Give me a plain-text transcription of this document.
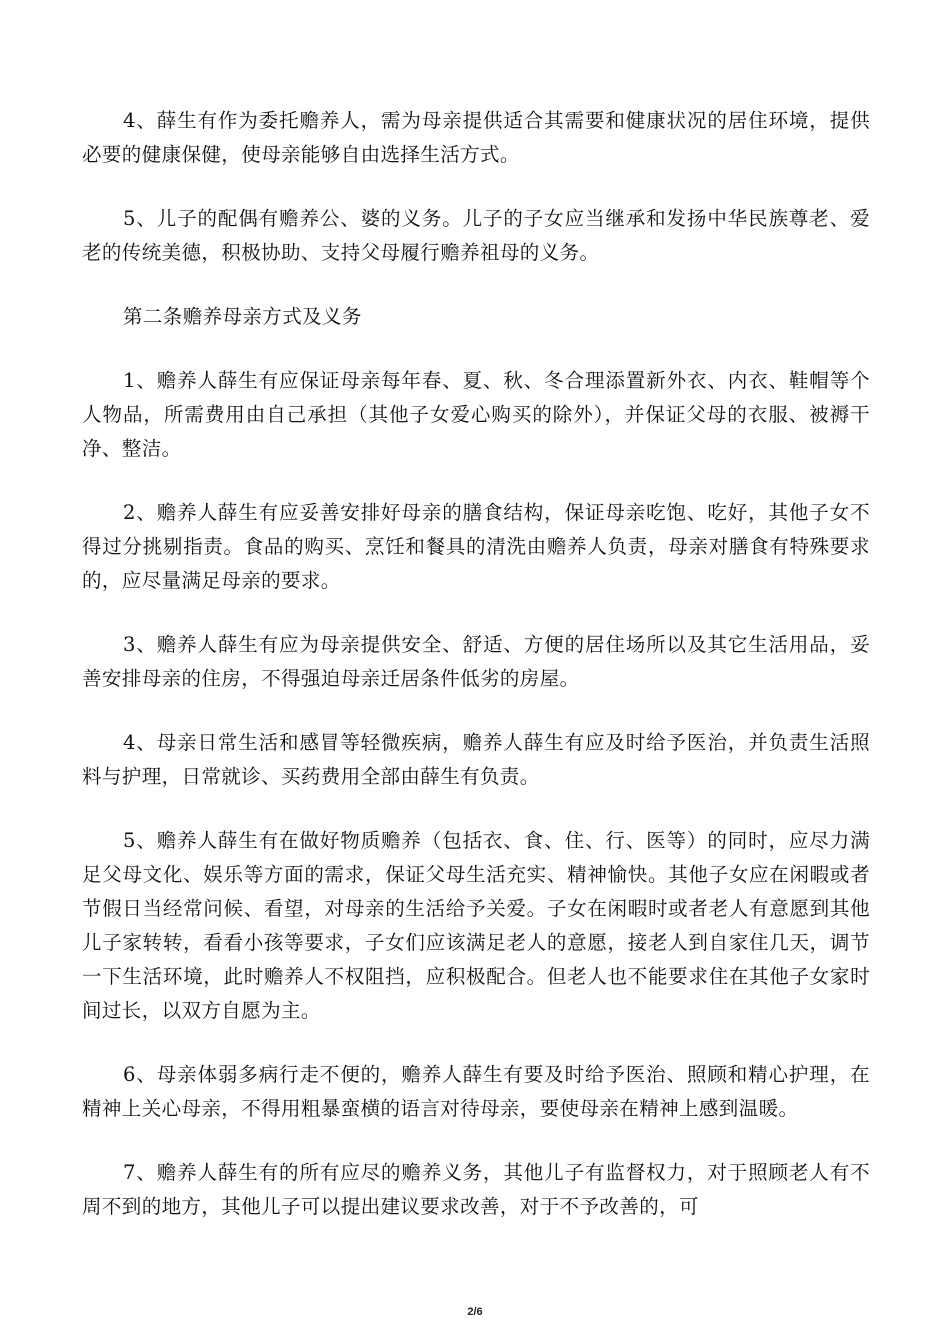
4、薛生有作为委托赡养人，需为母亲提供适合其需要和健康状况的居住环境，提供必要的健康保健，使母亲能够自由选择生活方式。

5、儿子的配偶有赡养公、婆的义务。儿子的子女应当继承和发扬中华民族尊老、爱老的传统美德，积极协助、支持父母履行赡养祖母的义务。

第二条赡养母亲方式及义务

1、赡养人薛生有应保证母亲每年春、夏、秋、冬合理添置新外衣、内衣、鞋帽等个人物品，所需费用由自己承担（其他子女爱心购买的除外），并保证父母的衣服、被褥干净、整洁。

2、赡养人薛生有应妥善安排好母亲的膳食结构，保证母亲吃饱、吃好，其他子女不得过分挑剔指责。食品的购买、烹饪和餐具的清洗由赡养人负责，母亲对膳食有特殊要求的，应尽量满足母亲的要求。

3、赡养人薛生有应为母亲提供安全、舒适、方便的居住场所以及其它生活用品，妥善安排母亲的住房，不得强迫母亲迁居条件低劣的房屋。

4、母亲日常生活和感冒等轻微疾病，赡养人薛生有应及时给予医治，并负责生活照料与护理，日常就诊、买药费用全部由薛生有负责。

5、赡养人薛生有在做好物质赡养（包括衣、食、住、行、医等）的同时，应尽力满足父母文化、娱乐等方面的需求，保证父母生活充实、精神愉快。其他子女应在闲暇或者节假日当经常问候、看望，对母亲的生活给予关爱。子女在闲暇时或者老人有意愿到其他儿子家转转，看看小孩等要求，子女们应该满足老人的意愿，接老人到自家住几天，调节一下生活环境，此时赡养人不权阻挡，应积极配合。但老人也不能要求住在其他子女家时间过长，以双方自愿为主。

6、母亲体弱多病行走不便的，赡养人薛生有要及时给予医治、照顾和精心护理，在精神上关心母亲，不得用粗暴蛮横的语言对待母亲，要使母亲在精神上感到温暖。

7、赡养人薛生有的所有应尽的赡养义务，其他儿子有监督权力，对于照顾老人有不周不到的地方，其他儿子可以提出建议要求改善，对于不予改善的，可

2/6
